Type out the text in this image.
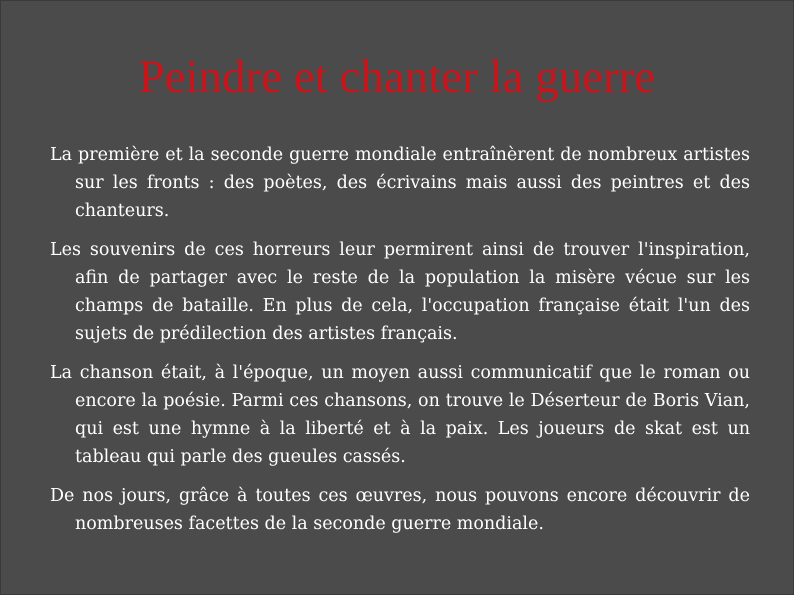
Peindre et chanter la guerre

La première et la seconde guerre mondiale entraînèrent de nombreux artistes sur les fronts : des poètes, des écrivains mais aussi des peintres et des chanteurs.

Les souvenirs de ces horreurs leur permirent ainsi de trouver l'inspiration, afin de partager avec le reste de la population la misère vécue sur les champs de bataille. En plus de cela, l'occupation française était l'un des sujets de prédilection des artistes français.

La chanson était, à l'époque, un moyen aussi communicatif que le roman ou encore la poésie. Parmi ces chansons, on trouve le Déserteur de Boris Vian, qui est une hymne à la liberté et à la paix. Les joueurs de skat est un tableau qui parle des gueules cassés.

De nos jours, grâce à toutes ces œuvres, nous pouvons encore découvrir de nombreuses facettes de la seconde guerre mondiale.
